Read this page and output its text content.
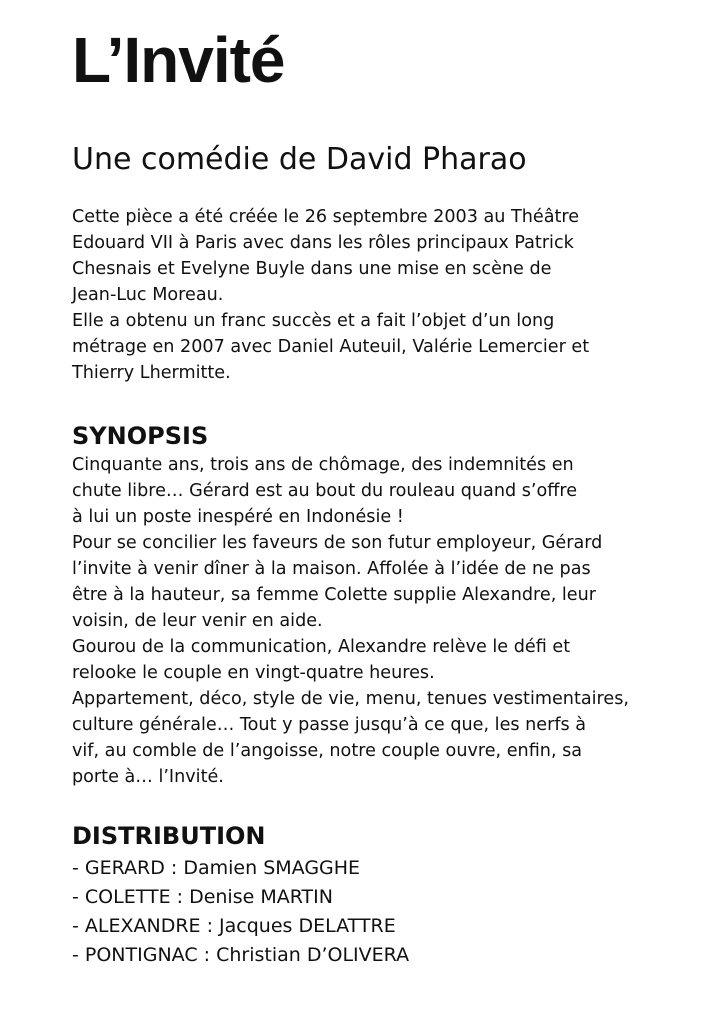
L’Invité
Une comédie de David Pharao

Cette pièce a été créée le 26 septembre 2003 au Théâtre

Edouard VII à Paris avec dans les rôles principaux Patrick

Chesnais et Evelyne Buyle dans une mise en scène de

Jean-Luc Moreau.

Elle a obtenu un franc succès et a fait l’objet d’un long

métrage en 2007 avec Daniel Auteuil, Valérie Lemercier et

Thierry Lhermitte.

SYNOPSIS

Cinquante ans, trois ans de chômage, des indemnités en

chute libre… Gérard est au bout du rouleau quand s’offre

à lui un poste inespéré en Indonésie !

Pour se concilier les faveurs de son futur employeur, Gérard

l’invite à venir dîner à la maison. Affolée à l’idée de ne pas

être à la hauteur, sa femme Colette supplie Alexandre, leur

voisin, de leur venir en aide.

Gourou de la communication, Alexandre relève le défi et

relooke le couple en vingt-quatre heures.

Appartement, déco, style de vie, menu, tenues vestimentaires,

culture générale… Tout y passe jusqu’à ce que, les nerfs à

vif, au comble de l’angoisse, notre couple ouvre, enfin, sa

porte à… l’Invité.

DISTRIBUTION
- GERARD : Damien SMAGGHE
- COLETTE : Denise MARTIN
- ALEXANDRE : Jacques DELATTRE
- PONTIGNAC : Christian D’OLIVERA
